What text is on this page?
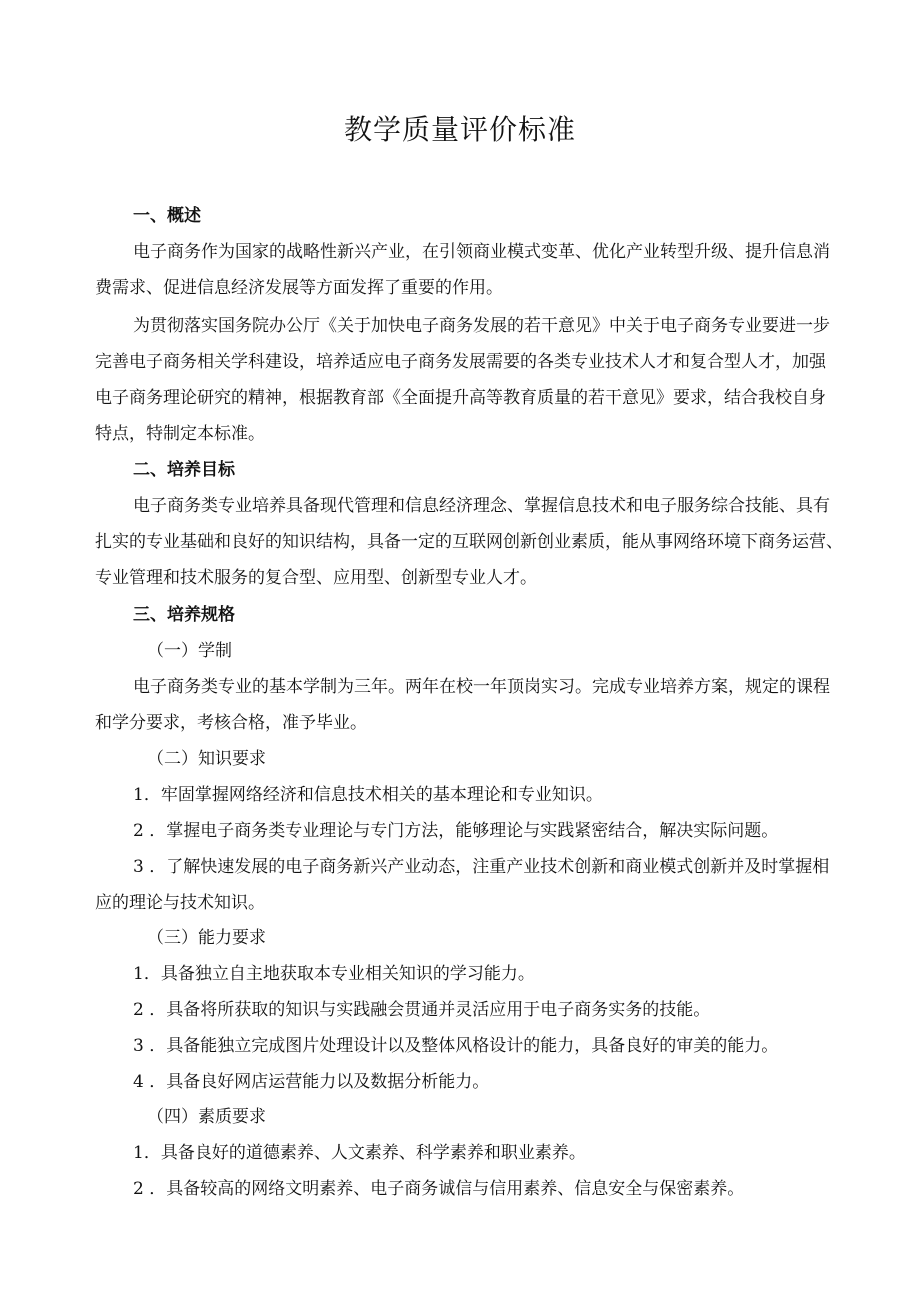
教学质量评价标准
一、概述
电子商务作为国家的战略性新兴产业，在引领商业模式变革、优化产业转型升级、提升信息消
费需求、促进信息经济发展等方面发挥了重要的作用。
为贯彻落实国务院办公厅《关于加快电子商务发展的若干意见》中关于电子商务专业要进一步
完善电子商务相关学科建设，培养适应电子商务发展需要的各类专业技术人才和复合型人才，加强
电子商务理论研究的精神，根据教育部《全面提升高等教育质量的若干意见》要求，结合我校自身
特点，特制定本标准。
二、培养目标
电子商务类专业培养具备现代管理和信息经济理念、掌握信息技术和电子服务综合技能、具有
扎实的专业基础和良好的知识结构，具备一定的互联网创新创业素质，能从事网络环境下商务运营、
专业管理和技术服务的复合型、应用型、创新型专业人才。
三、培养规格
（一）学制
电子商务类专业的基本学制为三年。两年在校一年顶岗实习。完成专业培养方案，规定的课程
和学分要求，考核合格，准予毕业。
（二）知识要求
1．牢固掌握网络经济和信息技术相关的基本理论和专业知识。
2 ．掌握电子商务类专业理论与专门方法，能够理论与实践紧密结合，解决实际问题。
3 ．了解快速发展的电子商务新兴产业动态，注重产业技术创新和商业模式创新并及时掌握相
应的理论与技术知识。
（三）能力要求
1．具备独立自主地获取本专业相关知识的学习能力。
2 ．具备将所获取的知识与实践融会贯通并灵活应用于电子商务实务的技能。
3 ．具备能独立完成图片处理设计以及整体风格设计的能力，具备良好的审美的能力。
4 ．具备良好网店运营能力以及数据分析能力。
（四）素质要求
1．具备良好的道德素养、人文素养、科学素养和职业素养。
2 ．具备较高的网络文明素养、电子商务诚信与信用素养、信息安全与保密素养。
